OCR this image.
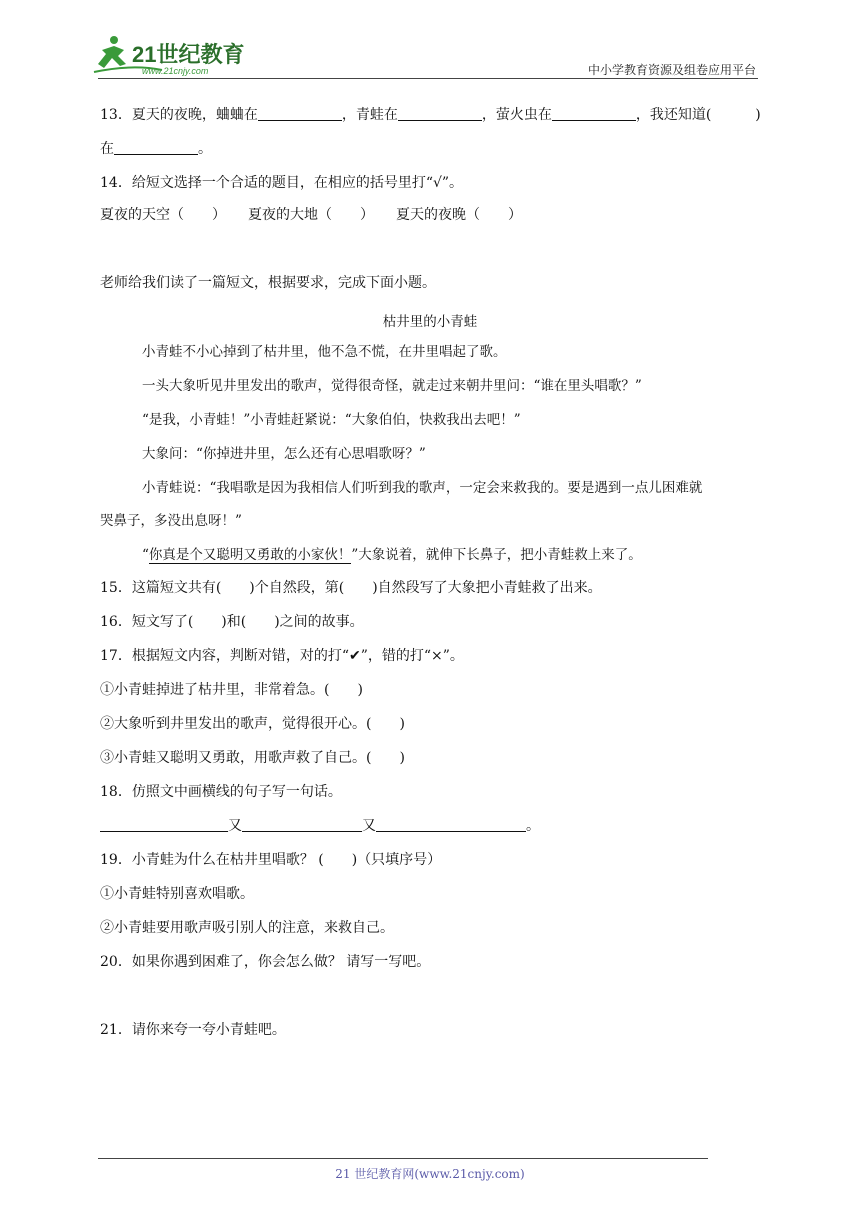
21世纪教育
www.21cnjy.com	中小学教育资源及组卷应用平台
13．夏天的夜晚，蛐蛐在	，青蛙在	，萤火虫在	，我还知道(	)
在	。
14．给短文选择一个合适的题目，在相应的括号里打“√”。
夏夜的天空（　　） 夏夜的大地（　　） 夏天的夜晚（　　）
老师给我们读了一篇短文，根据要求，完成下面小题。
枯井里的小青蛙
小青蛙不小心掉到了枯井里，他不急不慌，在井里唱起了歌。
一头大象听见井里发出的歌声，觉得很奇怪，就走过来朝井里问：“谁在里头唱歌？”
“是我，小青蛙！”小青蛙赶紧说：“大象伯伯，快救我出去吧！”
大象问：“你掉进井里，怎么还有心思唱歌呀？”
小青蛙说：“我唱歌是因为我相信人们听到我的歌声，一定会来救我的。要是遇到一点儿困难就
哭鼻子，多没出息呀！”
“你真是个又聪明又勇敢的小家伙！”大象说着，就伸下长鼻子，把小青蛙救上来了。
15．这篇短文共有(　　)个自然段，第(　　)自然段写了大象把小青蛙救了出来。
16．短文写了(　　)和(　　)之间的故事。
17．根据短文内容，判断对错，对的打“✔”，错的打“×”。
①小青蛙掉进了枯井里，非常着急。(　　)
②大象听到井里发出的歌声，觉得很开心。(　　)
③小青蛙又聪明又勇敢，用歌声救了自己。(　　)
18．仿照文中画横线的句子写一句话。
又	又	。
19．小青蛙为什么在枯井里唱歌？ (　　)（只填序号）
①小青蛙特别喜欢唱歌。
②小青蛙要用歌声吸引别人的注意，来救自己。
20．如果你遇到困难了，你会怎么做？ 请写一写吧。
21．请你来夸一夸小青蛙吧。
21 世纪教育网(www.21cnjy.com)
